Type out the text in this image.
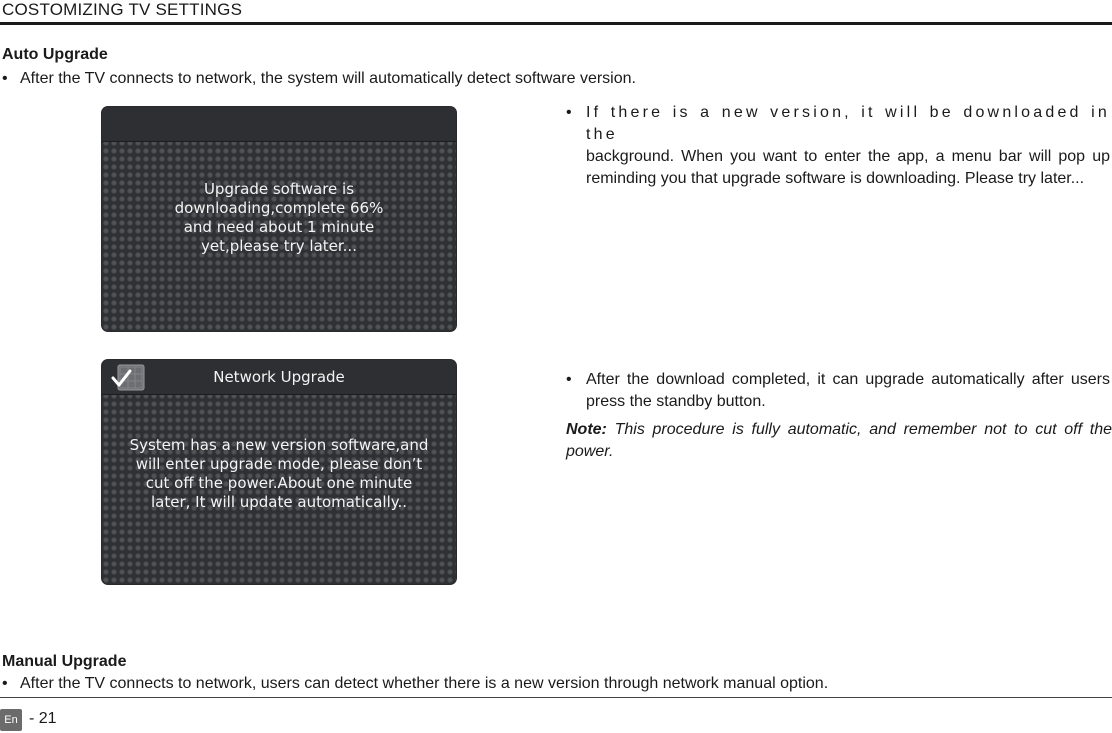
COSTOMIZING TV SETTINGS
Auto Upgrade
• After the TV connects to network, the system will automatically detect software version.
Upgrade software is
downloading,complete 66%
and need about 1 minute
yet,please try later...
• If there is a new version, it will be downloaded in the
background. When you want to enter the app, a menu bar will pop up reminding you that upgrade software is downloading. Please try later...
Network Upgrade
System has a new version software,and
will enter upgrade mode, please don’t
cut off the power.About one minute
later, It will update automatically..
• After the download completed, it can upgrade automatically after users press the standby button.
Note: This procedure is fully automatic, and remember not to cut off the power.
Manual Upgrade
• After the TV connects to network, users can detect whether there is a new version through network manual option.
En - 21
